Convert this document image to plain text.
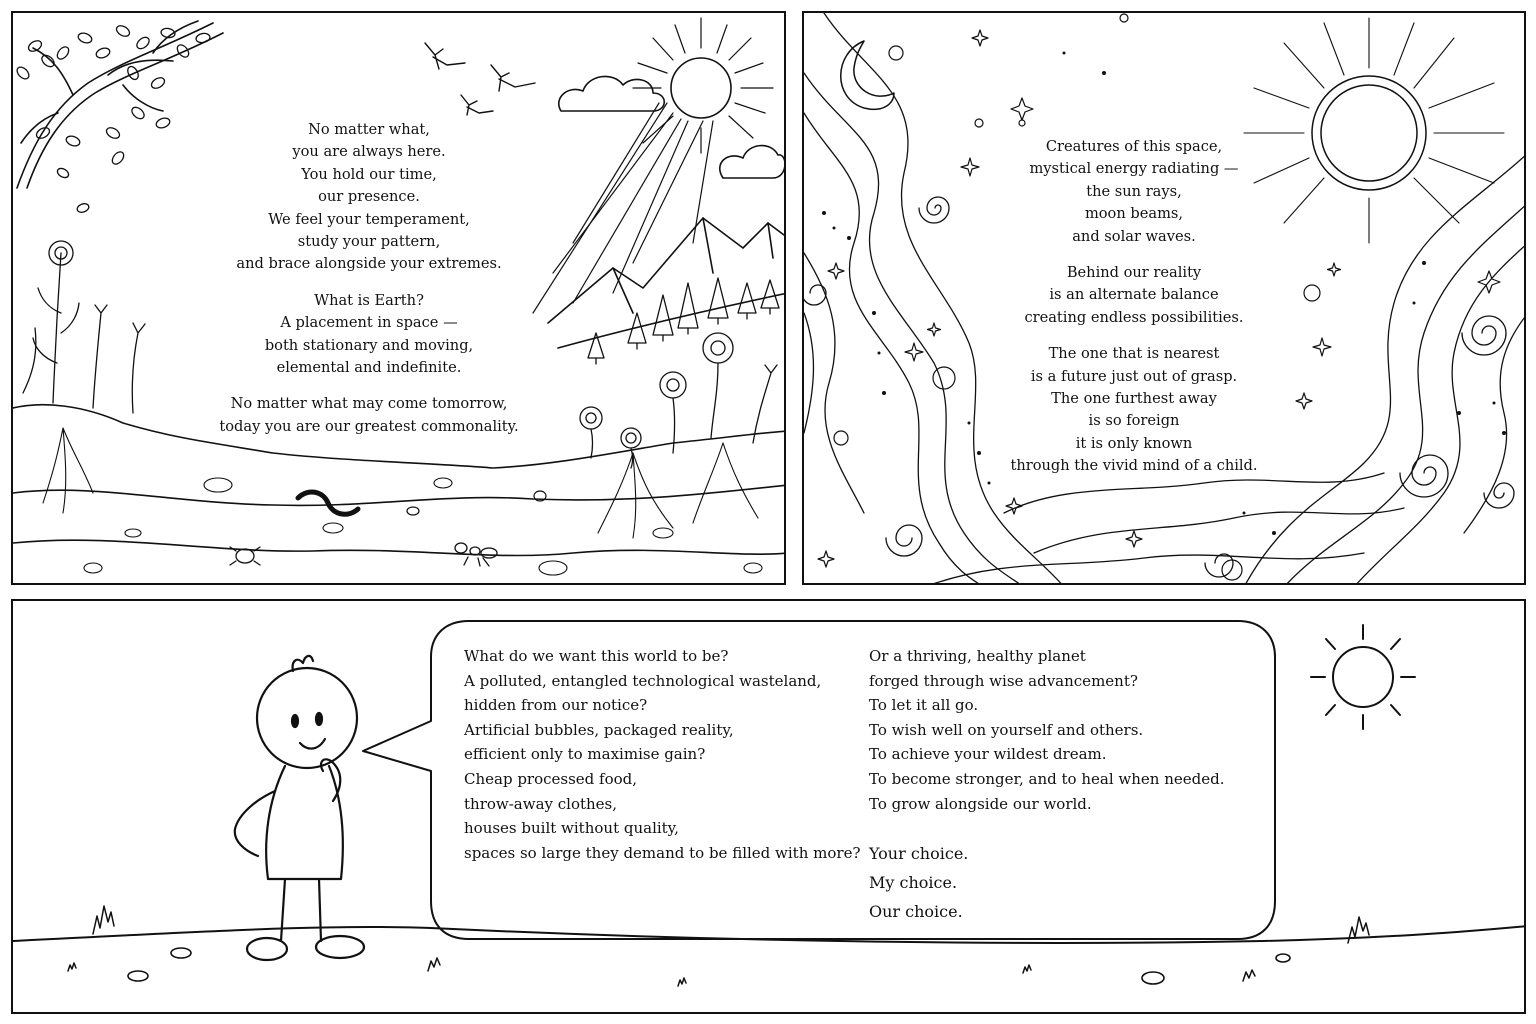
No matter what,
you are always here.
You hold our time,
our presence.
We feel your temperament,
study your pattern,
and brace alongside your extremes.
What is Earth?
A placement in space —
both stationary and moving,
elemental and indefinite.
No matter what may come tomorrow,
today you are our greatest commonality.
Creatures of this space,
mystical energy radiating —
the sun rays,
moon beams,
and solar waves.
Behind our reality
is an alternate balance
creating endless possibilities.
The one that is nearest
is a future just out of grasp.
The one furthest away
is so foreign
it is only known
through the vivid mind of a child.
What do we want this world to be?
A polluted, entangled technological wasteland,
hidden from our notice?
Artificial bubbles, packaged reality,
efficient only to maximise gain?
Cheap processed food,
throw-away clothes,
houses built without quality,
spaces so large they demand to be filled with more?
Or a thriving, healthy planet
forged through wise advancement?
To let it all go.
To wish well on yourself and others.
To achieve your wildest dream.
To become stronger, and to heal when needed.
To grow alongside our world.
Your choice.
My choice.
Our choice.
